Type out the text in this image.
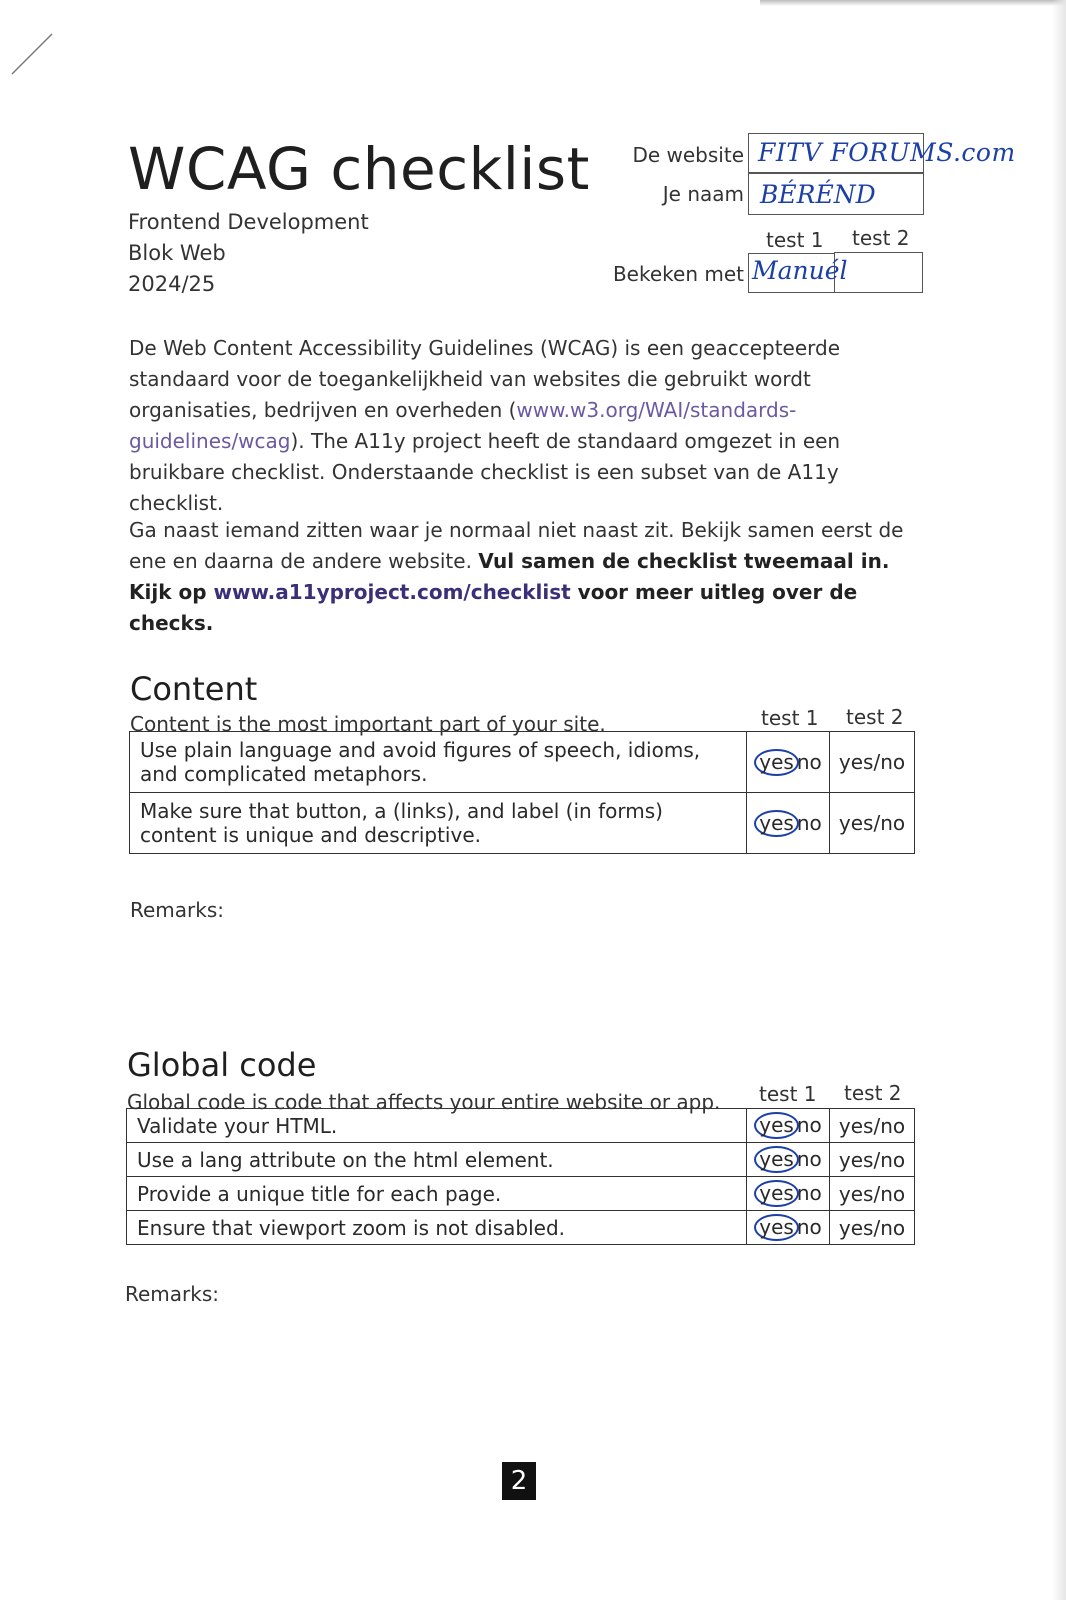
WCAG checklist
Frontend Development
Blok Web
2024/25
De website FITV FORUMS.com
Je naam BÉRÉND
test 1 test 2
Bekeken met Manuél

De Web Content Accessibility Guidelines (WCAG) is een geaccepteerde standaard voor de toegankelijkheid van websites die gebruikt wordt organisaties, bedrijven en overheden (www.w3.org/WAI/standards-guidelines/wcag). The A11y project heeft de standaard omgezet in een bruikbare checklist. Onderstaande checklist is een subset van de A11y checklist.

Ga naast iemand zitten waar je normaal niet naast zit. Bekijk samen eerst de ene en daarna de andere website. Vul samen de checklist tweemaal in. Kijk op www.a11yproject.com/checklist voor meer uitleg over de checks.

Content
Content is the most important part of your site.	test 1 test 2
Use plain language and avoid figures of speech, idioms, and complicated metaphors.	yes no	yes/no
Make sure that button, a (links), and label (in forms) content is unique and descriptive.	yes no	yes/no
Remarks:
Global code
Global code is code that affects your entire website or app. test 1 test 2
Validate your HTML.	yes no	yes/no
Use a lang attribute on the html element.	yes no	yes/no
Provide a unique title for each page.	yes no	yes/no
Ensure that viewport zoom is not disabled.	yes no	yes/no
Remarks:
2
